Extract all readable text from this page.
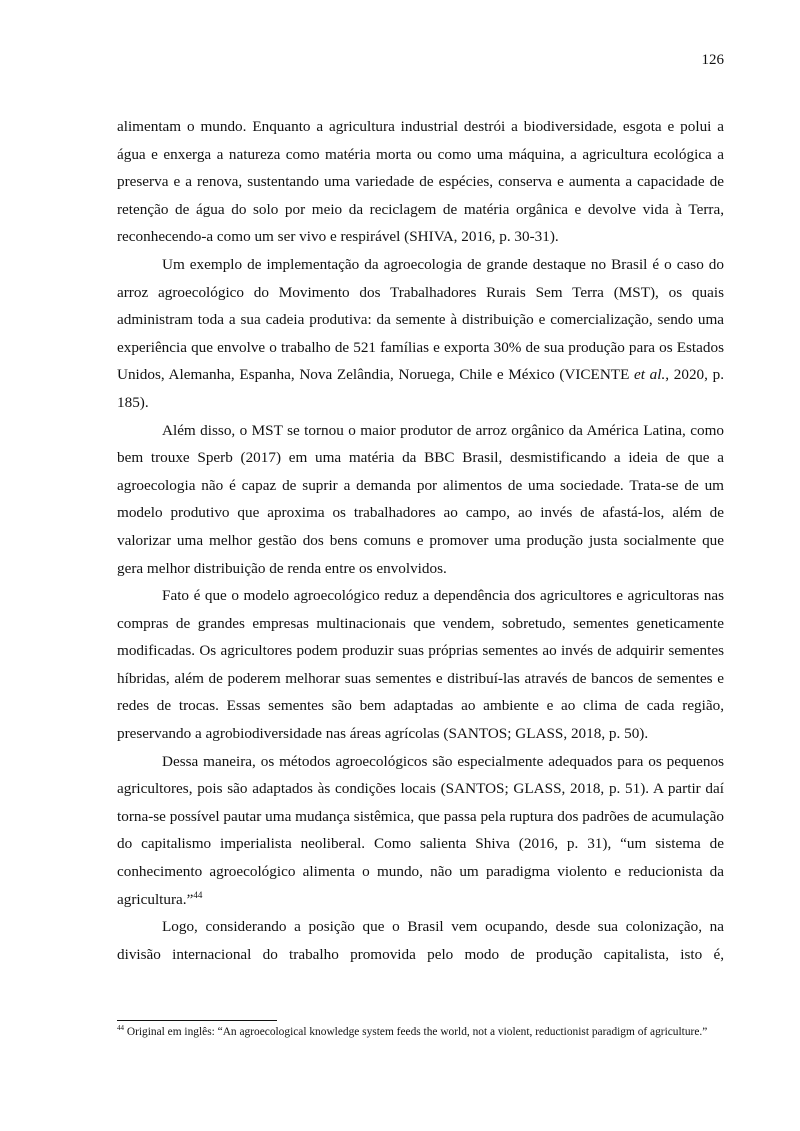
126

alimentam o mundo. Enquanto a agricultura industrial destrói a biodiversidade, esgota e polui a água e enxerga a natureza como matéria morta ou como uma máquina, a agricultura ecológica a preserva e a renova, sustentando uma variedade de espécies, conserva e aumenta a capacidade de retenção de água do solo por meio da reciclagem de matéria orgânica e devolve vida à Terra, reconhecendo-a como um ser vivo e respirável (SHIVA, 2016, p. 30-31).

Um exemplo de implementação da agroecologia de grande destaque no Brasil é o caso do arroz agroecológico do Movimento dos Trabalhadores Rurais Sem Terra (MST), os quais administram toda a sua cadeia produtiva: da semente à distribuição e comercialização, sendo uma experiência que envolve o trabalho de 521 famílias e exporta 30% de sua produção para os Estados Unidos, Alemanha, Espanha, Nova Zelândia, Noruega, Chile e México (VICENTE et al., 2020, p. 185).

Além disso, o MST se tornou o maior produtor de arroz orgânico da América Latina, como bem trouxe Sperb (2017) em uma matéria da BBC Brasil, desmistificando a ideia de que a agroecologia não é capaz de suprir a demanda por alimentos de uma sociedade. Trata-se de um modelo produtivo que aproxima os trabalhadores ao campo, ao invés de afastá-los, além de valorizar uma melhor gestão dos bens comuns e promover uma produção justa socialmente que gera melhor distribuição de renda entre os envolvidos.

Fato é que o modelo agroecológico reduz a dependência dos agricultores e agricultoras nas compras de grandes empresas multinacionais que vendem, sobretudo, sementes geneticamente modificadas. Os agricultores podem produzir suas próprias sementes ao invés de adquirir sementes híbridas, além de poderem melhorar suas sementes e distribuí-las através de bancos de sementes e redes de trocas. Essas sementes são bem adaptadas ao ambiente e ao clima de cada região, preservando a agrobiodiversidade nas áreas agrícolas (SANTOS; GLASS, 2018, p. 50).

Dessa maneira, os métodos agroecológicos são especialmente adequados para os pequenos agricultores, pois são adaptados às condições locais (SANTOS; GLASS, 2018, p. 51). A partir daí torna-se possível pautar uma mudança sistêmica, que passa pela ruptura dos padrões de acumulação do capitalismo imperialista neoliberal. Como salienta Shiva (2016, p. 31), “um sistema de conhecimento agroecológico alimenta o mundo, não um paradigma violento e reducionista da agricultura.”$^{44}$

Logo, considerando a posição que o Brasil vem ocupando, desde sua colonização, na divisão internacional do trabalho promovida pelo modo de produção capitalista, isto é,

$^{44}$ Original em inglês: “An agroecological knowledge system feeds the world, not a violent, reductionist paradigm of agriculture.”
